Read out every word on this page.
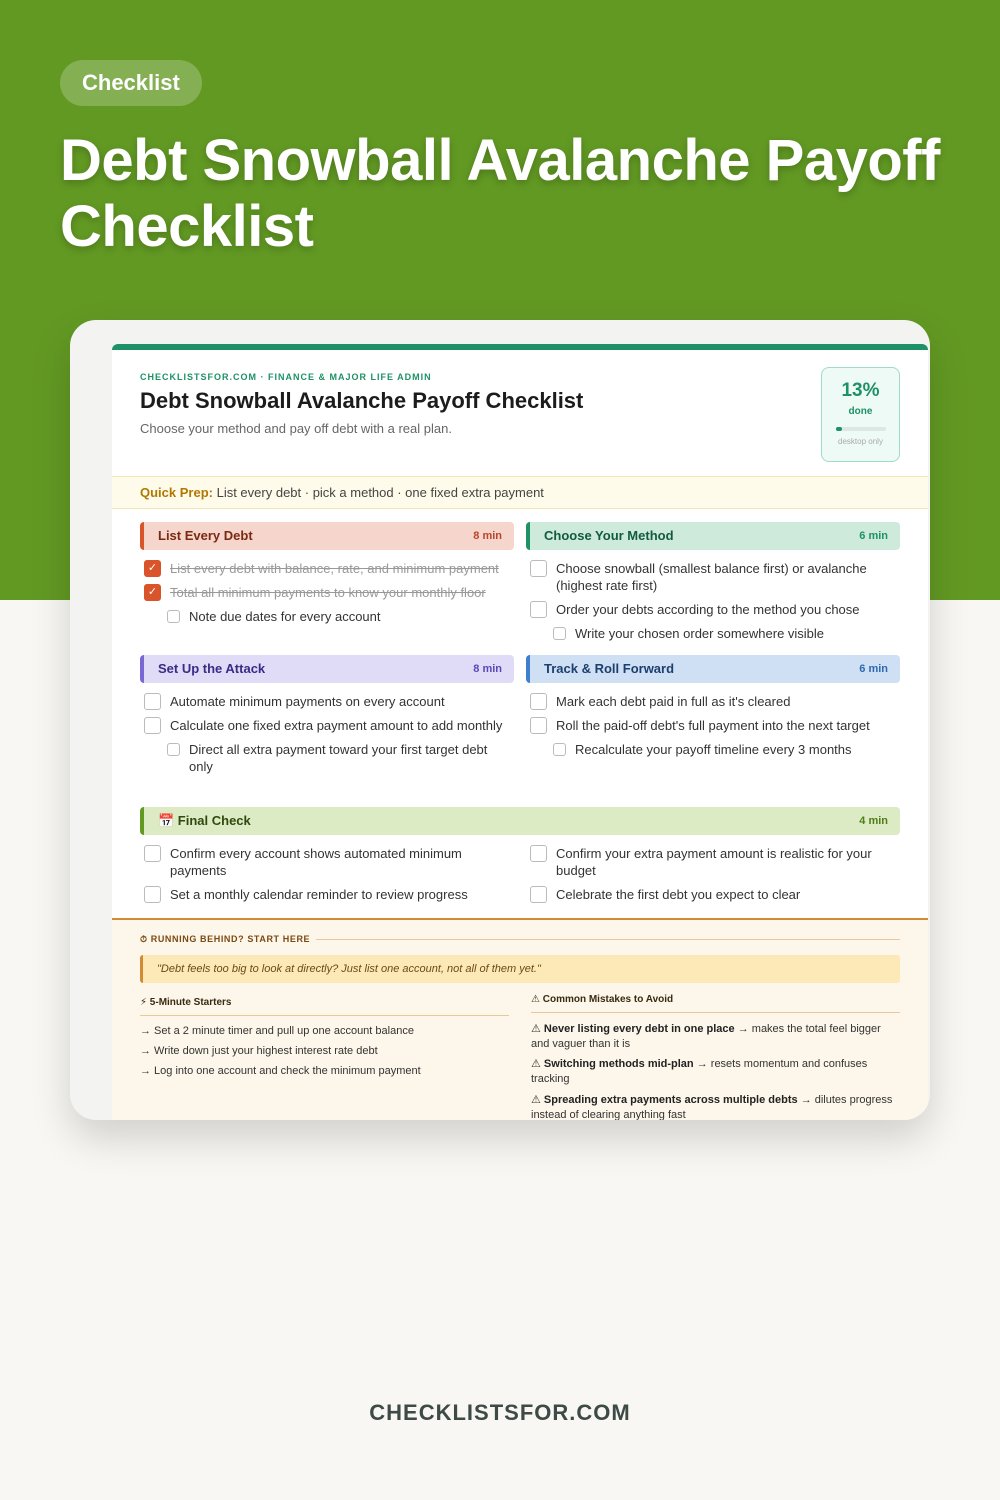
Checklist
Debt Snowball Avalanche Payoff Checklist
CHECKLISTSFOR.COM · FINANCE & MAJOR LIFE ADMIN
Debt Snowball Avalanche Payoff Checklist
Choose your method and pay off debt with a real plan.
13%
done
desktop only
Quick Prep: List every debt · pick a method · one fixed extra payment
List Every Debt	8 min
✓ List every debt with balance, rate, and minimum payment
✓ Total all minimum payments to know your monthly floor
Note due dates for every account
Choose Your Method	6 min
Choose snowball (smallest balance first) or avalanche (highest rate first)
Order your debts according to the method you chose
Write your chosen order somewhere visible
Set Up the Attack	8 min
Automate minimum payments on every account
Calculate one fixed extra payment amount to add monthly
Direct all extra payment toward your first target debt only
Track & Roll Forward	6 min
Mark each debt paid in full as it's cleared
Roll the paid-off debt's full payment into the next target
Recalculate your payoff timeline every 3 months
📅 Final Check	4 min
Confirm every account shows automated minimum payments
Confirm your extra payment amount is realistic for your budget
Set a monthly calendar reminder to review progress	Celebrate the first debt you expect to clear
⏱ RUNNING BEHIND? START HERE
"Debt feels too big to look at directly? Just list one account, not all of them yet."
⚡ 5-Minute Starters
→ Set a 2 minute timer and pull up one account balance
→ Write down just your highest interest rate debt
→ Log into one account and check the minimum payment
⚠ Common Mistakes to Avoid
⚠ Never listing every debt in one place → makes the total feel bigger and vaguer than it is
⚠ Switching methods mid-plan → resets momentum and confuses tracking
⚠ Spreading extra payments across multiple debts → dilutes progress instead of clearing anything fast
CHECKLISTSFOR.COM
